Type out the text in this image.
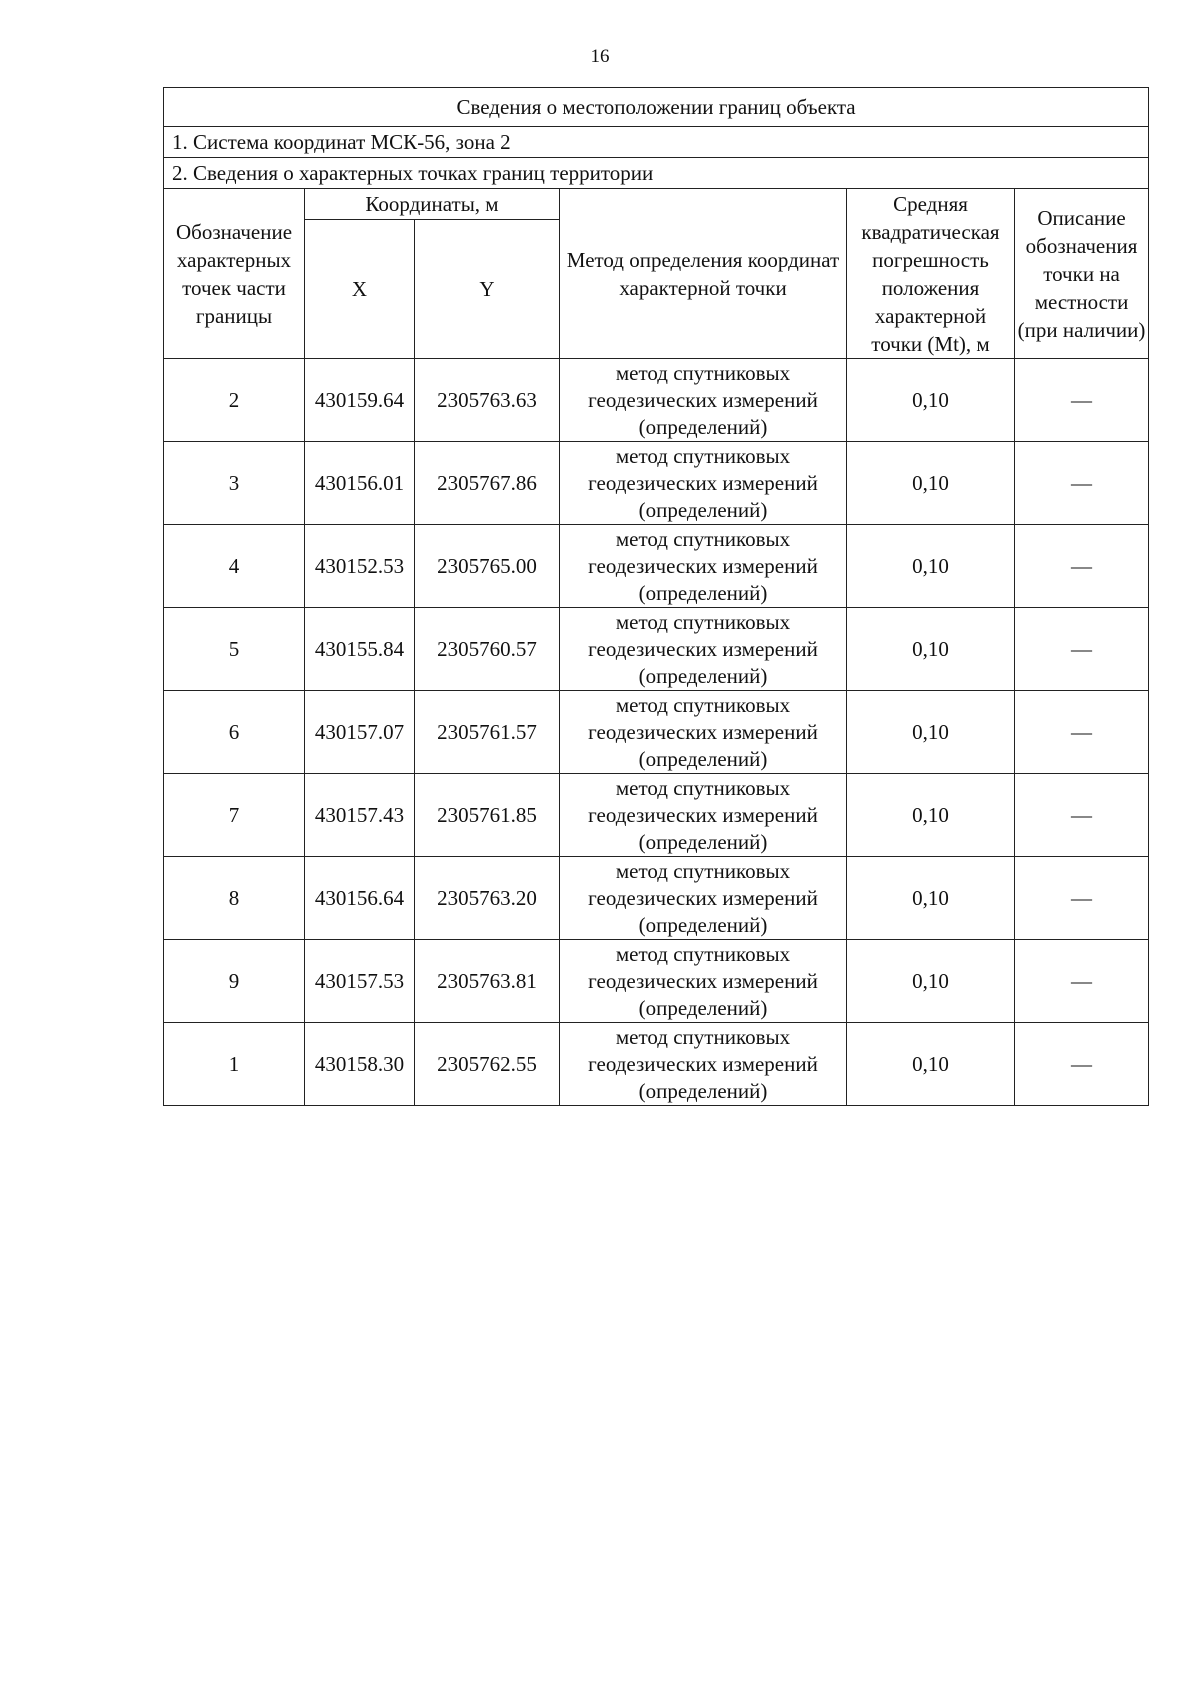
16
Сведения о местоположении границ объекта					
1. Система координат МСК-56, зона 2					
2. Сведения о характерных точках границ территории					
Обозначение характерных точек части границы	Координаты, м		Метод определения координат характерной точки	Средняя квадратическая погрешность положения характерной точки (Mt), м	Описание обозначения точки на местности (при наличии)
	X	Y			
2	430159.64	2305763.63	метод спутниковых геодезических измерений (определений)	0,10	—
3	430156.01	2305767.86	метод спутниковых геодезических измерений (определений)	0,10	—
4	430152.53	2305765.00	метод спутниковых геодезических измерений (определений)	0,10	—
5	430155.84	2305760.57	метод спутниковых геодезических измерений (определений)	0,10	—
6	430157.07	2305761.57	метод спутниковых геодезических измерений (определений)	0,10	—
7	430157.43	2305761.85	метод спутниковых геодезических измерений (определений)	0,10	—
8	430156.64	2305763.20	метод спутниковых геодезических измерений (определений)	0,10	—
9	430157.53	2305763.81	метод спутниковых геодезических измерений (определений)	0,10	—
1	430158.30	2305762.55	метод спутниковых геодезических измерений (определений)	0,10	—
